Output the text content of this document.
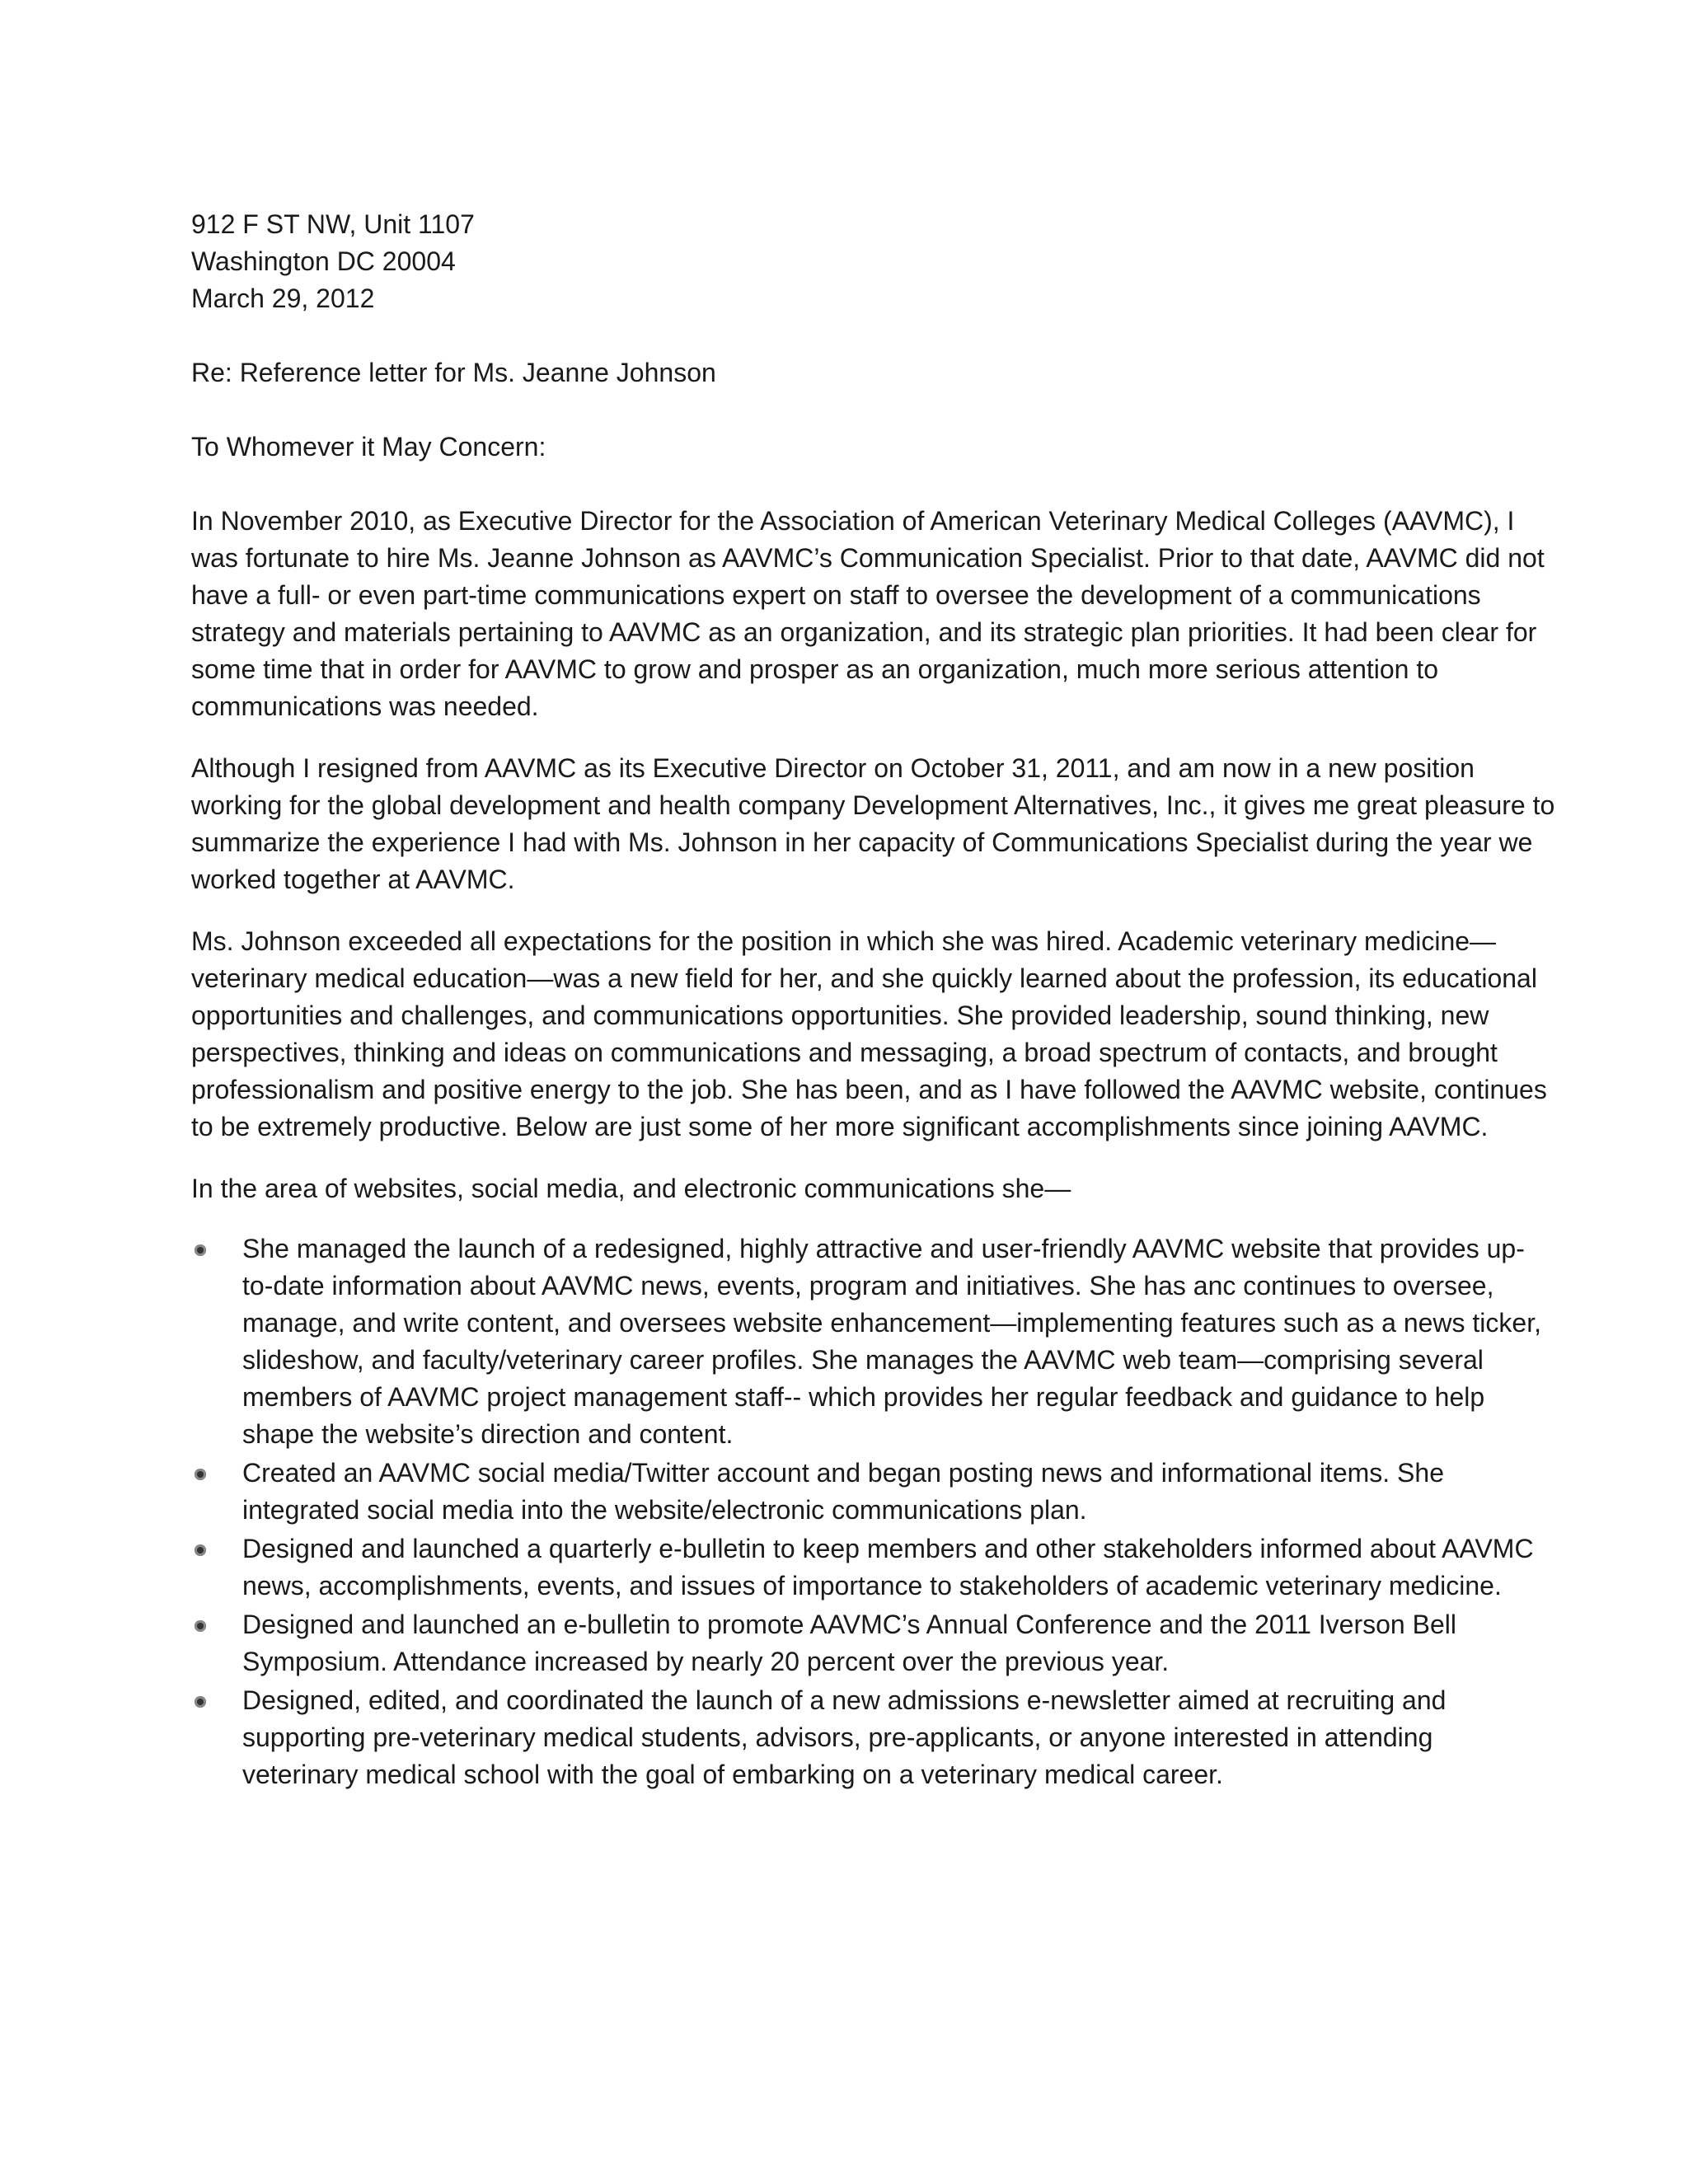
912 F ST NW, Unit 1107

Washington DC 20004

March 29, 2012

Re: Reference letter for Ms. Jeanne Johnson

To Whomever it May Concern:

In November 2010, as Executive Director for the Association of American Veterinary Medical Colleges (AAVMC), I was fortunate to hire Ms. Jeanne Johnson as AAVMC’s Communication Specialist. Prior to that date, AAVMC did not have a full- or even part-time communications expert on staff to oversee the development of a communications strategy and materials pertaining to AAVMC as an organization, and its strategic plan priorities. It had been clear for some time that in order for AAVMC to grow and prosper as an organization, much more serious attention to communications was needed.

Although I resigned from AAVMC as its Executive Director on October 31, 2011, and am now in a new position working for the global development and health company Development Alternatives, Inc., it gives me great pleasure to summarize the experience I had with Ms. Johnson in her capacity of Communications Specialist during the year we worked together at AAVMC.

Ms. Johnson exceeded all expectations for the position in which she was hired. Academic veterinary medicine—veterinary medical education—was a new field for her, and she quickly learned about the profession, its educational opportunities and challenges, and communications opportunities. She provided leadership, sound thinking, new perspectives, thinking and ideas on communications and messaging, a broad spectrum of contacts, and brought professionalism and positive energy to the job. She has been, and as I have followed the AAVMC website, continues to be extremely productive. Below are just some of her more significant accomplishments since joining AAVMC.

In the area of websites, social media, and electronic communications she—

She managed the launch of a redesigned, highly attractive and user-friendly AAVMC website that provides up-to-date information about AAVMC news, events, program and initiatives. She has anc continues to oversee, manage, and write content, and oversees website enhancement—implementing features such as a news ticker, slideshow, and faculty/veterinary career profiles. She manages the AAVMC web team—comprising several members of AAVMC project management staff-- which provides her regular feedback and guidance to help shape the website’s direction and content.
Created an AAVMC social media/Twitter account and began posting news and informational items. She integrated social media into the website/electronic communications plan.
Designed and launched a quarterly e-bulletin to keep members and other stakeholders informed about AAVMC news, accomplishments, events, and issues of importance to stakeholders of academic veterinary medicine.
Designed and launched an e-bulletin to promote AAVMC’s Annual Conference and the 2011 Iverson Bell Symposium. Attendance increased by nearly 20 percent over the previous year.
Designed, edited, and coordinated the launch of a new admissions e-newsletter aimed at recruiting and supporting pre-veterinary medical students, advisors, pre-applicants, or anyone interested in attending veterinary medical school with the goal of embarking on a veterinary medical career.
